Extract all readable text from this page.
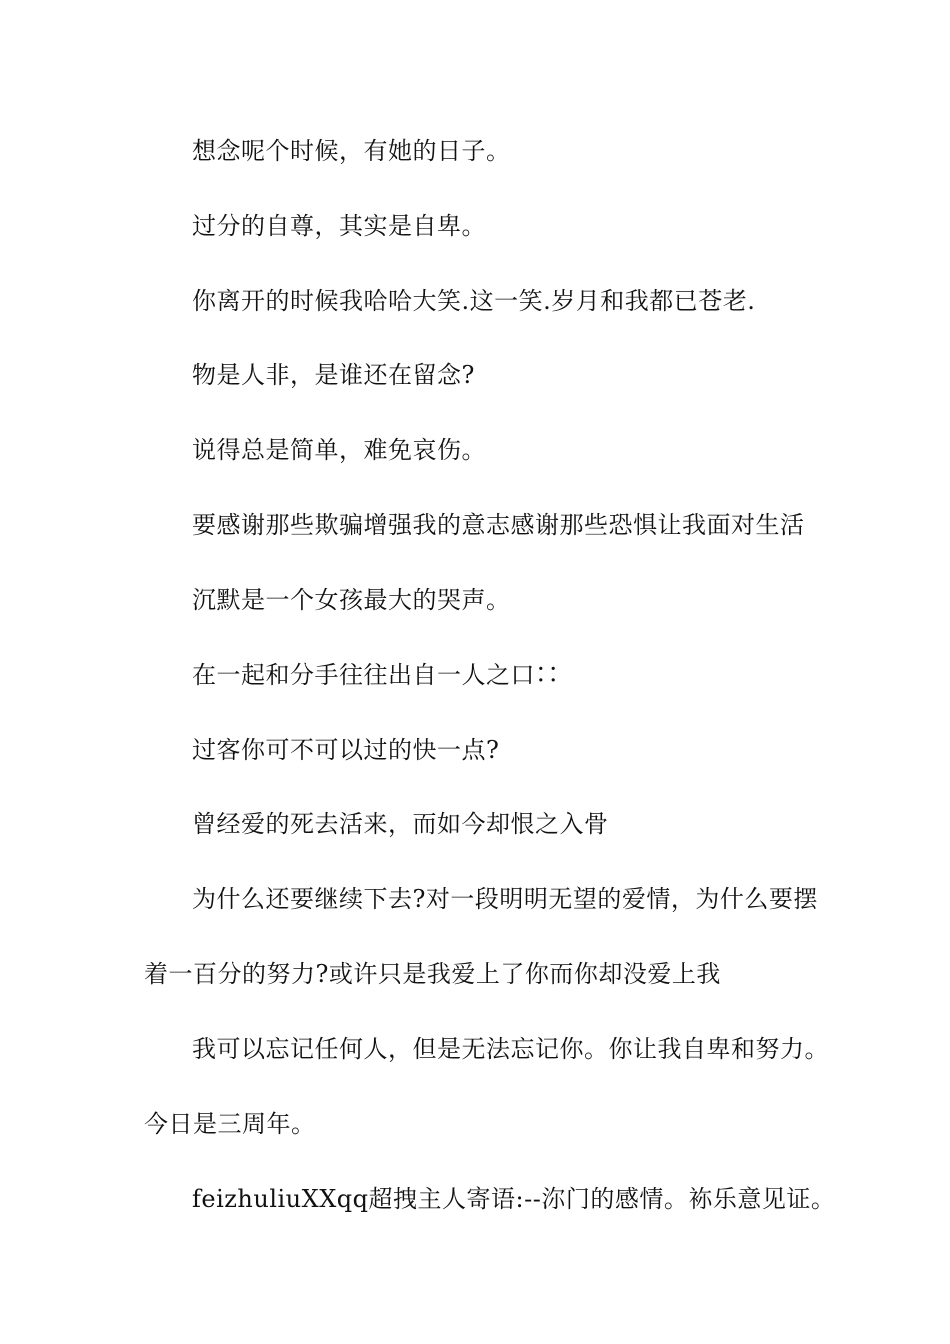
想念呢个时候，有她的日子。
过分的自尊，其实是自卑。
你离开的时候我哈哈大笑.这一笑.岁月和我都已苍老.
物是人非，是谁还在留念?
说得总是简单，难免哀伤。
要感谢那些欺骗增强我的意志感谢那些恐惧让我面对生活
沉默是一个女孩最大的哭声。
在一起和分手往往出自一人之口∷
过客你可不可以过的快一点?
曾经爱的死去活来，而如今却恨之入骨
为什么还要继续下去?对一段明明无望的爱情，为什么要摆
着一百分的努力?或许只是我爱上了你而你却没爱上我
我可以忘记任何人，但是无法忘记你。你让我自卑和努力。
今日是三周年。
feizhuliuXXqq超拽主人寄语:--沵门的感情。袮乐意见证。
